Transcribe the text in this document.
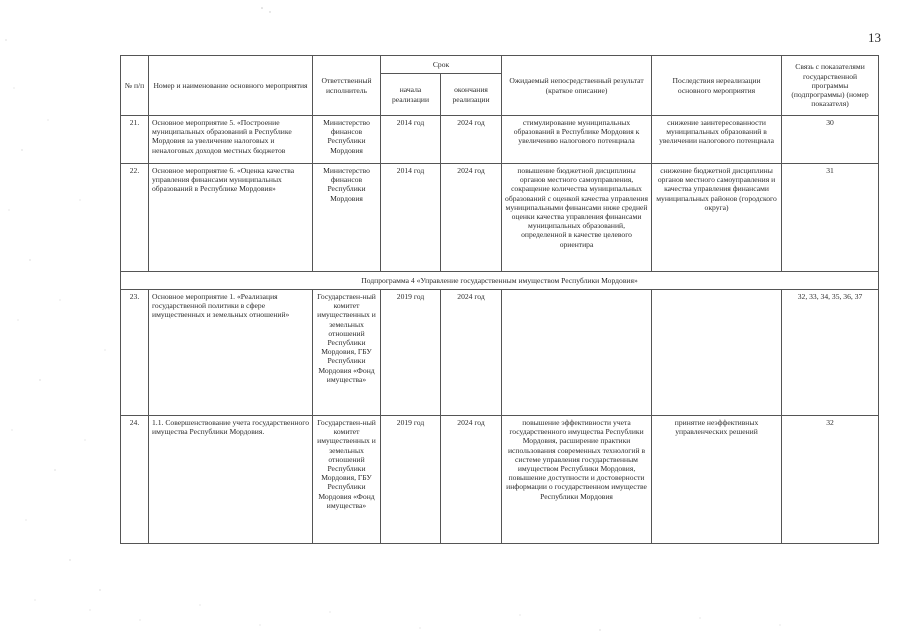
13
№ п/п	Номер и наименование основного мероприятия	Ответственный исполнитель	Срок		Ожидаемый непосредственный результат (краткое описание)	Последствия нереализации основного мероприятия	Связь с показателями государственной программы (подпрограммы) (номер показателя)
			начала реализации	окончания реализации			
21.	Основное мероприятие 5. «Построение муниципальных образований в Республике Мордовия за увеличение налоговых и неналоговых доходов местных бюджетов	Министерство финансов Республики Мордовия	2014 год	2024 год	стимулирование муниципальных образований в Республике Мордовия к увеличению налогового потенциала	снижение заинтересованности муниципальных образований в увеличении налогового потенциала	30
22.	Основное мероприятие 6. «Оценка качества управления финансами муниципальных образований в Республике Мордовия»	Министерство финансов Республики Мордовия	2014 год	2024 год	повышение бюджетной дисциплины органов местного самоуправления, сокращение количества муниципальных образований с оценкой качества управления муниципальными финансами ниже средней оценки качества управления финансами муниципальных образований, определенной в качестве целевого ориентира	снижение бюджетной дисциплины органов местного самоуправления и качества управления финансами муниципальных районов (городского округа)	31
Подпрограмма 4 «Управление государственным имуществом Республики Мордовия»							
23.	Основное мероприятие 1. «Реализация государственной политики в сфере имущественных и земельных отношений»	Государствен-ный комитет имущественных и земельных отношений Республики Мордовия, ГБУ Республики Мордовия «Фонд имущества»	2019 год	2024 год			32, 33, 34, 35, 36, 37
24.	1.1. Совершенствование учета государственного имущества Республики Мордовия.	Государствен-ный комитет имущественных и земельных отношений Республики Мордовия, ГБУ Республики Мордовия «Фонд имущества»	2019 год	2024 год	повышение эффективности учета государственного имущества Республики Мордовия, расширение практики использования современных технологий в системе управления государственным имуществом Республики Мордовия, повышение доступности и достоверности информации о государственном имуществе Республики Мордовия	принятие неэффективных управленческих решений	32
